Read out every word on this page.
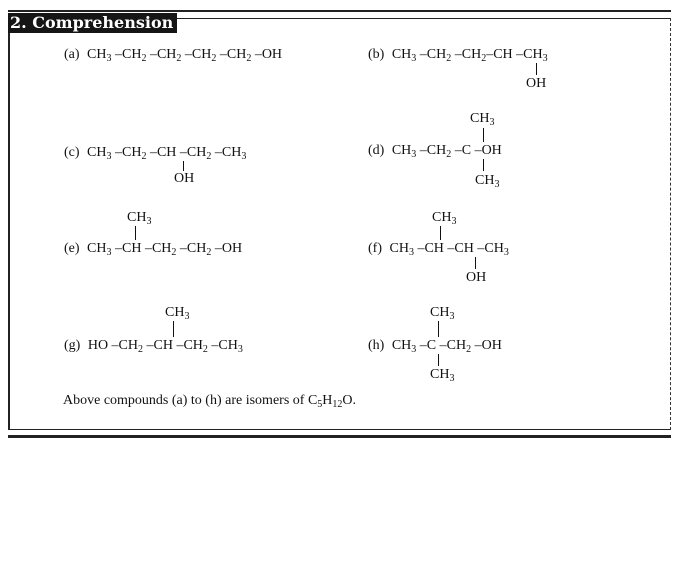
2. Comprehension
(a) $CH_3$ $-CH_2$ $-CH_2$ $-CH_2$ $-CH_2$ –OH	(b) $CH_3$ $-CH_2$ $-CH_2-CH$ $-CH_3$
OH
(c) $CH_3$ $-CH_2$ –CH $-CH_2$ $-CH_3$
OH
$CH_3$
(d) $CH_3$ $-CH_2$ –C –OH
$CH_3$
$CH_3$
(e) $CH_3$ –CH $-CH_2$ $-CH_2$ –OH
$CH_3$
(f) $CH_3$ –CH –CH $-CH_3$
OH
$CH_3$
(g) HO $-CH_2$ –CH $-CH_2$ $-CH_3$
$CH_3$
(h) $CH_3$ –C $-CH_2$ –OH
$CH_3$
Above compounds (a) to (h) are isomers of $C_5H_{12}O$.
